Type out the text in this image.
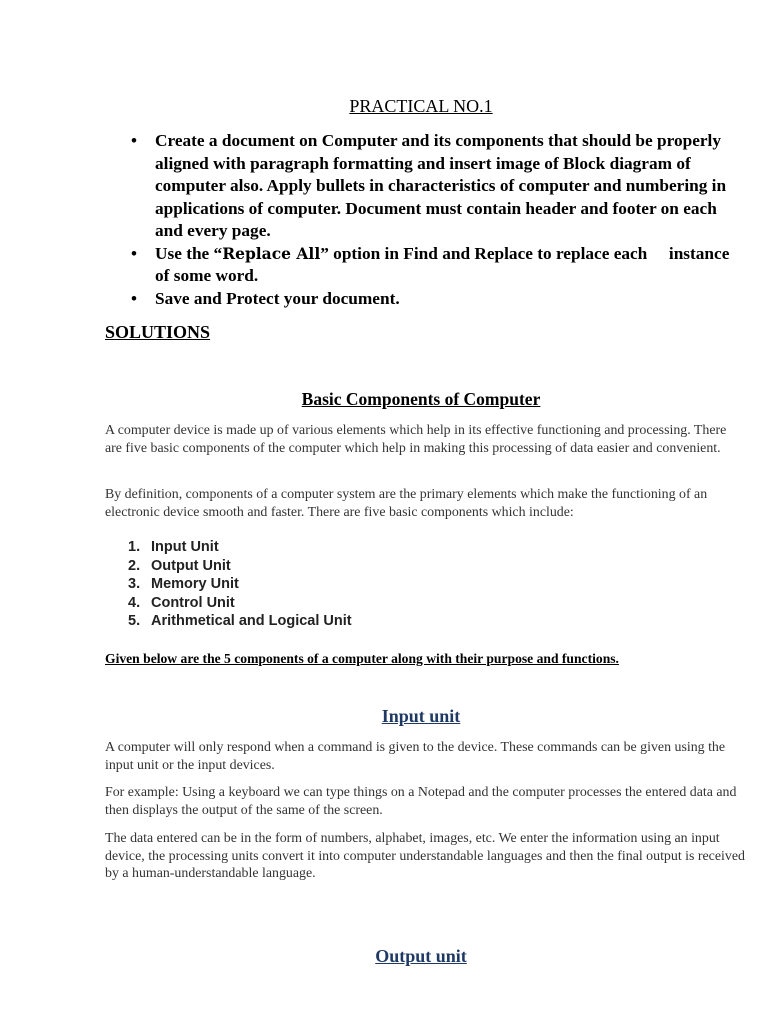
PRACTICAL NO.1
• Create a document on Computer and its components that should be properly aligned with paragraph formatting and insert image of Block diagram of computer also. Apply bullets in characteristics of computer and numbering in applications of computer. Document must contain header and footer on each and every page.
• Use the “Replace All” option in Find and Replace to replace each     instance of some word.
• Save and Protect your document.
SOLUTIONS
Basic Components of Computer

A computer device is made up of various elements which help in its effective functioning and processing. There are five basic components of the computer which help in making this processing of data easier and convenient.

By definition, components of a computer system are the primary elements which make the functioning of an electronic device smooth and faster. There are five basic components which include:

1. Input Unit
2. Output Unit
3. Memory Unit
4. Control Unit
5. Arithmetical and Logical Unit
Given below are the 5 components of a computer along with their purpose and functions.
Input unit

A computer will only respond when a command is given to the device. These commands can be given using the input unit or the input devices.

For example: Using a keyboard we can type things on a Notepad and the computer processes the entered data and then displays the output of the same of the screen.

The data entered can be in the form of numbers, alphabet, images, etc. We enter the information using an input device, the processing units convert it into computer understandable languages and then the final output is received by a human-understandable language.

Output unit
